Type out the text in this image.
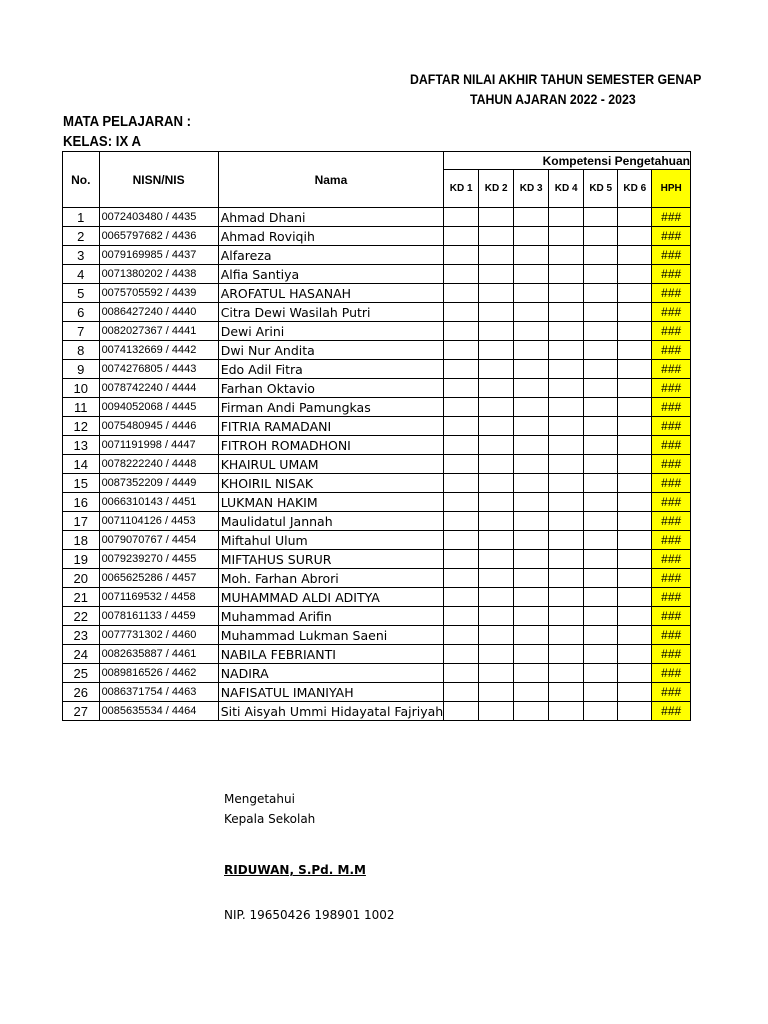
DAFTAR NILAI AKHIR TAHUN SEMESTER GENAP
TAHUN AJARAN 2022 - 2023
MATA PELAJARAN :
KELAS: IX A
No.	NISN/NIS	Nama	Kompetensi Pengetahuan						
			KD 1	KD 2	KD 3	KD 4	KD 5	KD 6	HPH
1	0072403480 / 4435	Ahmad Dhani							###
2	0065797682 / 4436	Ahmad Roviqih							###
3	0079169985 / 4437	Alfareza							###
4	0071380202 / 4438	Alfia Santiya							###
5	0075705592 / 4439	AROFATUL HASANAH							###
6	0086427240 / 4440	Citra Dewi Wasilah Putri							###
7	0082027367 / 4441	Dewi Arini							###
8	0074132669 / 4442	Dwi Nur Andita							###
9	0074276805 / 4443	Edo Adil Fitra							###
10	0078742240 / 4444	Farhan Oktavio							###
11	0094052068 / 4445	Firman Andi Pamungkas							###
12	0075480945 / 4446	FITRIA RAMADANI							###
13	0071191998 / 4447	FITROH ROMADHONI							###
14	0078222240 / 4448	KHAIRUL UMAM							###
15	0087352209 / 4449	KHOIRIL NISAK							###
16	0066310143 / 4451	LUKMAN HAKIM							###
17	0071104126 / 4453	Maulidatul Jannah							###
18	0079070767 / 4454	Miftahul Ulum							###
19	0079239270 / 4455	MIFTAHUS SURUR							###
20	0065625286 / 4457	Moh. Farhan Abrori							###
21	0071169532 / 4458	MUHAMMAD ALDI ADITYA							###
22	0078161133 / 4459	Muhammad Arifin							###
23	0077731302 / 4460	Muhammad Lukman Saeni							###
24	0082635887 / 4461	NABILA FEBRIANTI							###
25	0089816526 / 4462	NADIRA							###
26	0086371754 / 4463	NAFISATUL IMANIYAH							###
27	0085635534 / 4464	Siti Aisyah Ummi Hidayatal Fajriyah							###
Mengetahui
Kepala Sekolah
RIDUWAN, S.Pd. M.M
NIP. 19650426 198901 1002
